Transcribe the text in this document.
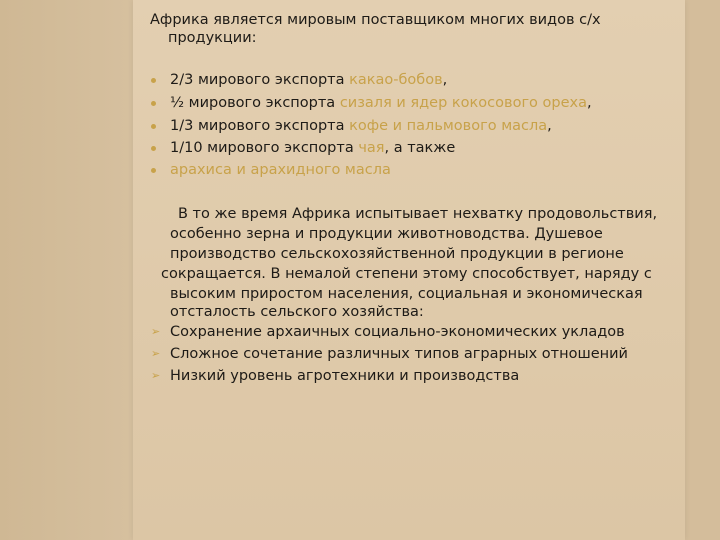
Африка является мировым поставщиком многих видов с/х
продукции:
2/3 мирового экспорта какао-бобов,
½ мирового экспорта сизаля и ядер кокосового ореха,
1/3 мирового экспорта кофе и пальмового масла,
1/10 мирового экспорта чая, а также
арахиса и арахидного масла
В то же время Африка испытывает нехватку продовольствия,
особенно зерна и продукции животноводства. Душевое
производство сельскохозяйственной продукции в регионе
сокращается. В немалой степени этому способствует, наряду с
высоким приростом населения, социальная и экономическая
отсталость сельского хозяйства:
➢ Сохранение архаичных социально-экономических укладов
➢ Сложное сочетание различных типов аграрных отношений
➢ Низкий уровень агротехники и производства
